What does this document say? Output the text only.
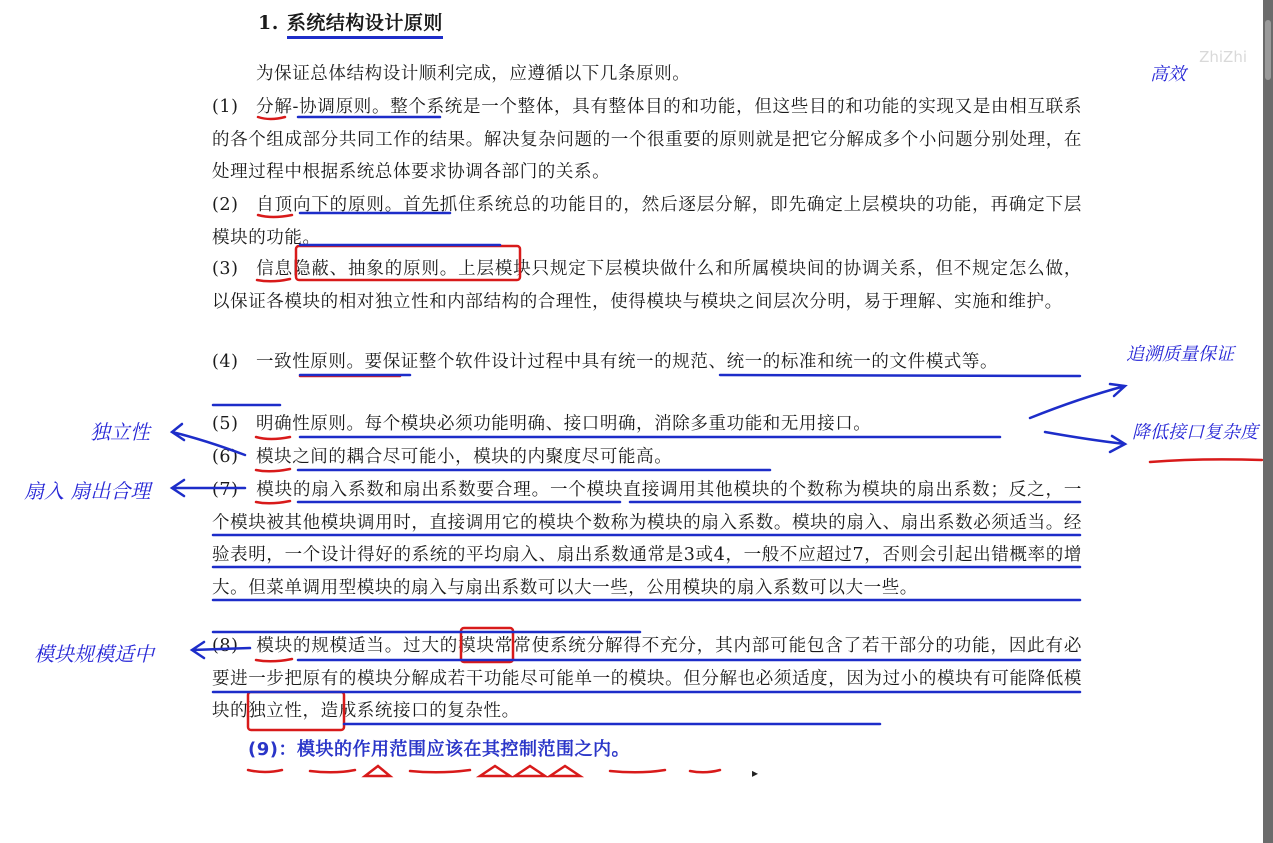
1. 系统结构设计原则
为保证总体结构设计顺利完成，应遵循以下几条原则。
(1) 分解-协调原则。整个系统是一个整体，具有整体目的和功能，但这些目的和功能的实现又是由相互联系的各个组成部分共同工作的结果。解决复杂问题的一个很重要的原则就是把它分解成多个小问题分别处理，在处理过程中根据系统总体要求协调各部门的关系。
(2) 自顶向下的原则。首先抓住系统总的功能目的，然后逐层分解，即先确定上层模块的功能，再确定下层模块的功能。
(3) 信息隐蔽、抽象的原则。上层模块只规定下层模块做什么和所属模块间的协调关系，但不规定怎么做，以保证各模块的相对独立性和内部结构的合理性，使得模块与模块之间层次分明，易于理解、实施和维护。
(4) 一致性原则。要保证整个软件设计过程中具有统一的规范、统一的标准和统一的文件模式等。
(5) 明确性原则。每个模块必须功能明确、接口明确，消除多重功能和无用接口。
(6) 模块之间的耦合尽可能小，模块的内聚度尽可能高。
(7) 模块的扇入系数和扇出系数要合理。一个模块直接调用其他模块的个数称为模块的扇出系数；反之，一个模块被其他模块调用时，直接调用它的模块个数称为模块的扇入系数。模块的扇入、扇出系数必须适当。经验表明，一个设计得好的系统的平均扇入、扇出系数通常是3或4，一般不应超过7，否则会引起出错概率的增大。但菜单调用型模块的扇入与扇出系数可以大一些，公用模块的扇入系数可以大一些。
(8) 模块的规模适当。过大的模块常常使系统分解得不充分，其内部可能包含了若干部分的功能，因此有必要进一步把原有的模块分解成若干功能尽可能单一的模块。但分解也必须适度，因为过小的模块有可能降低模块的独立性，造成系统接口的复杂性。
(9)：模块的作用范围应该在其控制范围之内。
高效
追溯质量保证
降低接口复杂度
独立性
扇入 扇出合理
模块规模适中
ZhiZhi
▸
